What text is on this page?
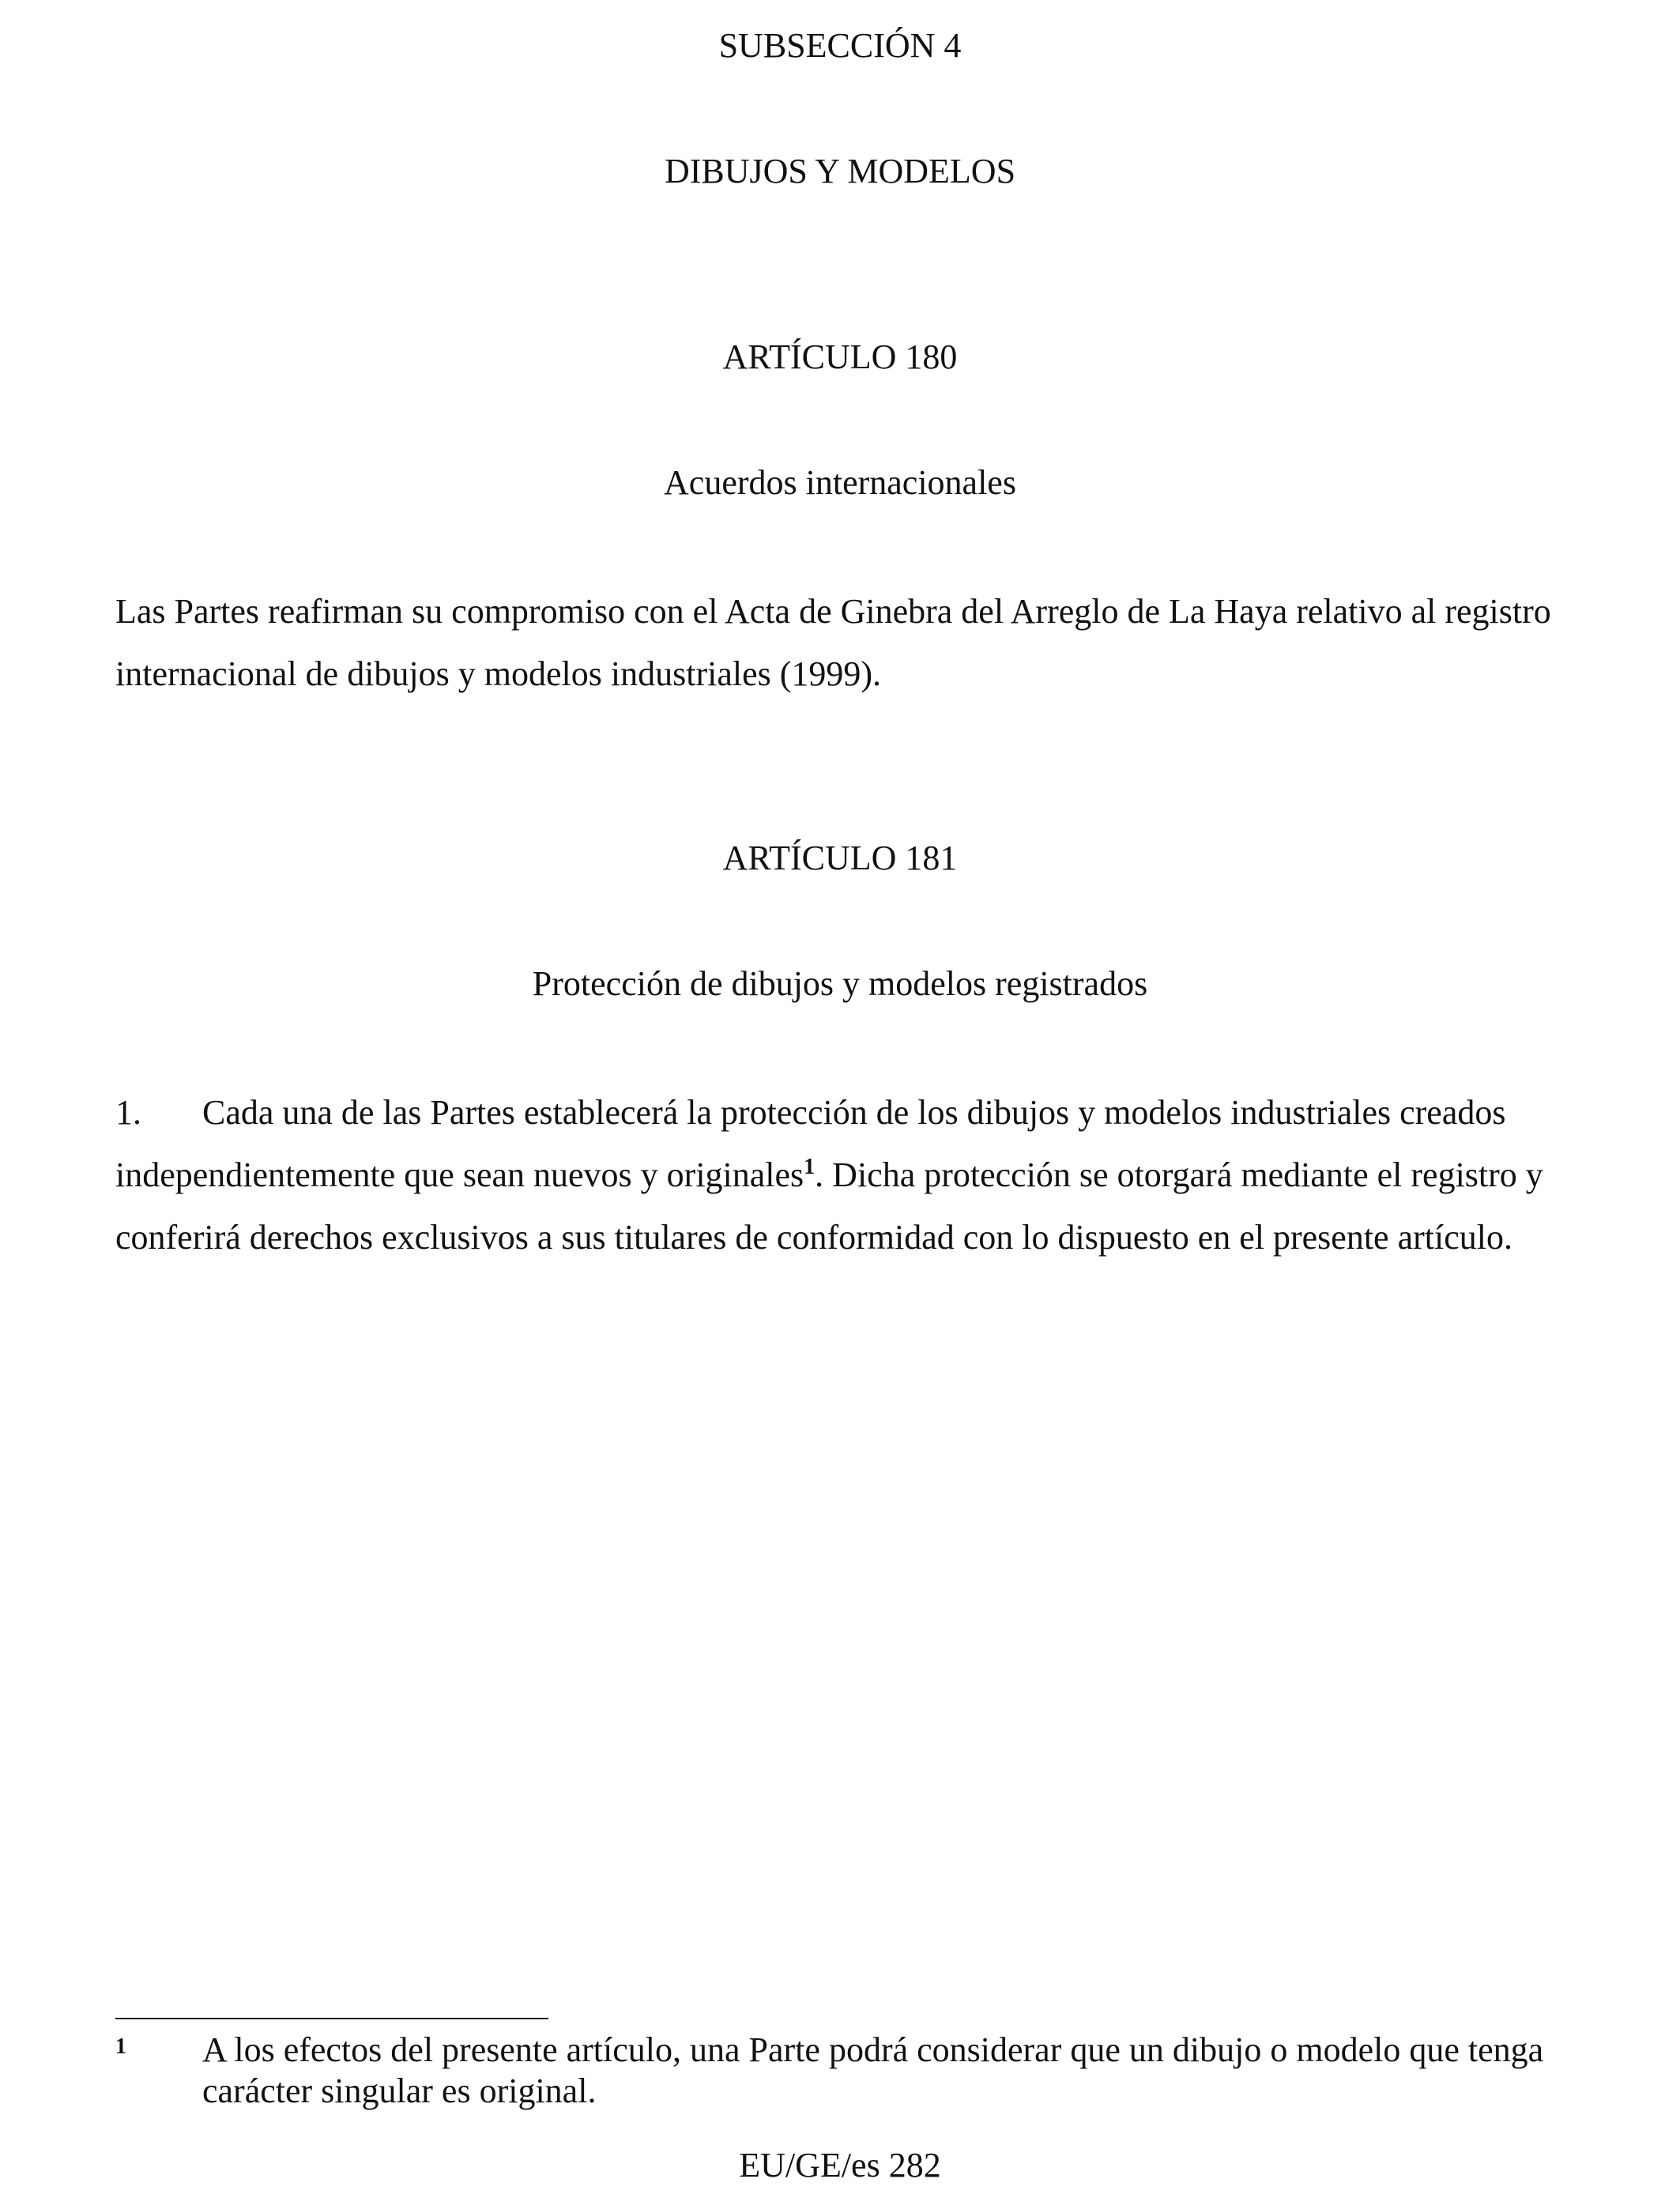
SUBSECCIÓN 4
DIBUJOS Y MODELOS
ARTÍCULO 180
Acuerdos internacionales

Las Partes reafirman su compromiso con el Acta de Ginebra del Arreglo de La Haya relativo al registro internacional de dibujos y modelos industriales (1999).

ARTÍCULO 181
Protección de dibujos y modelos registrados

1. Cada una de las Partes establecerá la protección de los dibujos y modelos industriales creados independientemente que sean nuevos y originales$^1$. Dicha protección se otorgará mediante el registro y conferirá derechos exclusivos a sus titulares de conformidad con lo dispuesto en el presente artículo.

1 A los efectos del presente artículo, una Parte podrá considerar que un dibujo o modelo que tenga carácter singular es original.
EU/GE/es 282
